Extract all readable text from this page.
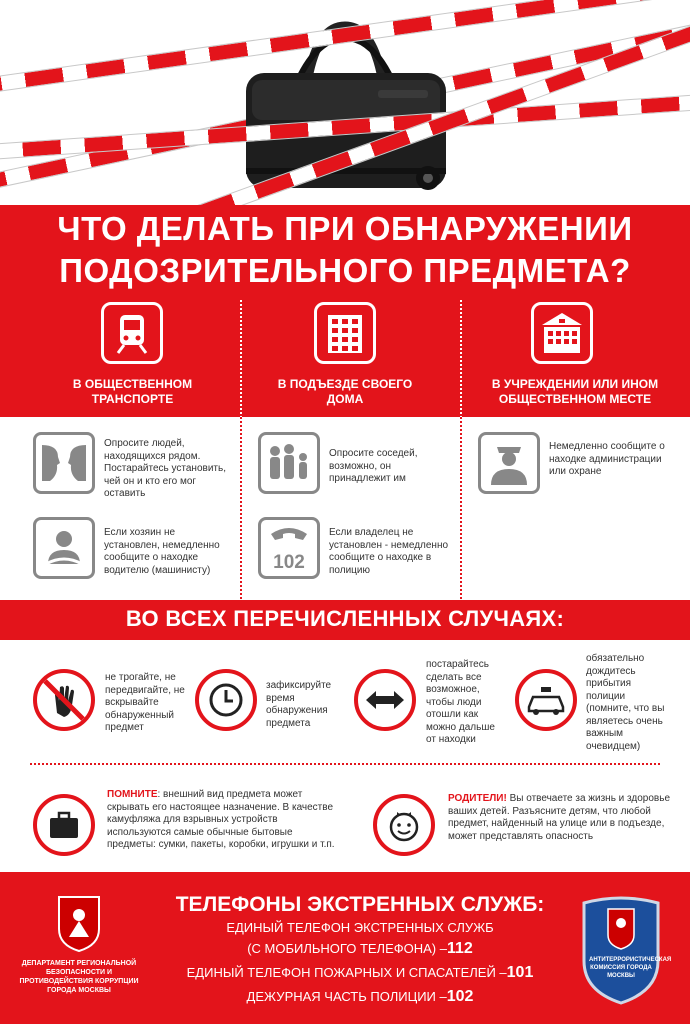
ЧТО ДЕЛАТЬ ПРИ ОБНАРУЖЕНИИ
ПОДОЗРИТЕЛЬНОГО ПРЕДМЕТА?
В ОБЩЕСТВЕННОМ ТРАНСПОРТЕ
В ПОДЪЕЗДЕ СВОЕГО ДОМА
В УЧРЕЖДЕНИИ ИЛИ ИНОМ ОБЩЕСТВЕННОМ МЕСТЕ
Опросите людей, находящихся рядом. Постарайтесь установить, чей он и кто его мог оставить
Если хозяин не установлен, немедленно сообщите о находке водителю (машинисту)
Опросите соседей, возможно, он принадлежит им
102
Если владелец не установлен - немедленно сообщите о находке в полицию
Немедленно сообщите о находке администрации или охране
ВО ВСЕХ ПЕРЕЧИСЛЕННЫХ СЛУЧАЯХ:
не трогайте, не передвигайте, не вскрывайте обнаруженный предмет
зафиксируйте время обнаружения предмета
постарайтесь сделать все возможное, чтобы люди отошли как можно дальше от находки
обязательно дождитесь прибытия полиции (помните, что вы являетесь очень важным очевидцем)
ПОМНИТЕ: внешний вид предмета может скрывать его настоящее назначение. В качестве камуфляжа для взрывных устройств используются самые обычные бытовые предметы: сумки, пакеты, коробки, игрушки и т.п.
РОДИТЕЛИ! Вы отвечаете за жизнь и здоровье ваших детей. Разъясните детям, что любой предмет, найденный на улице или в подъезде, может представлять опасность
ДЕПАРТАМЕНТ РЕГИОНАЛЬНОЙ БЕЗОПАСНОСТИ И ПРОТИВОДЕЙСТВИЯ КОРРУПЦИИ ГОРОДА МОСКВЫ
ТЕЛЕФОНЫ ЭКСТРЕННЫХ СЛУЖБ:
ЕДИНЫЙ ТЕЛЕФОН ЭКСТРЕННЫХ СЛУЖБ
(С МОБИЛЬНОГО ТЕЛЕФОНА) –112
ЕДИНЫЙ ТЕЛЕФОН ПОЖАРНЫХ И СПАСАТЕЛЕЙ –101
ДЕЖУРНАЯ ЧАСТЬ ПОЛИЦИИ –102
АНТИТЕРРОРИСТИЧЕСКАЯ КОМИССИЯ ГОРОДА МОСКВЫ
